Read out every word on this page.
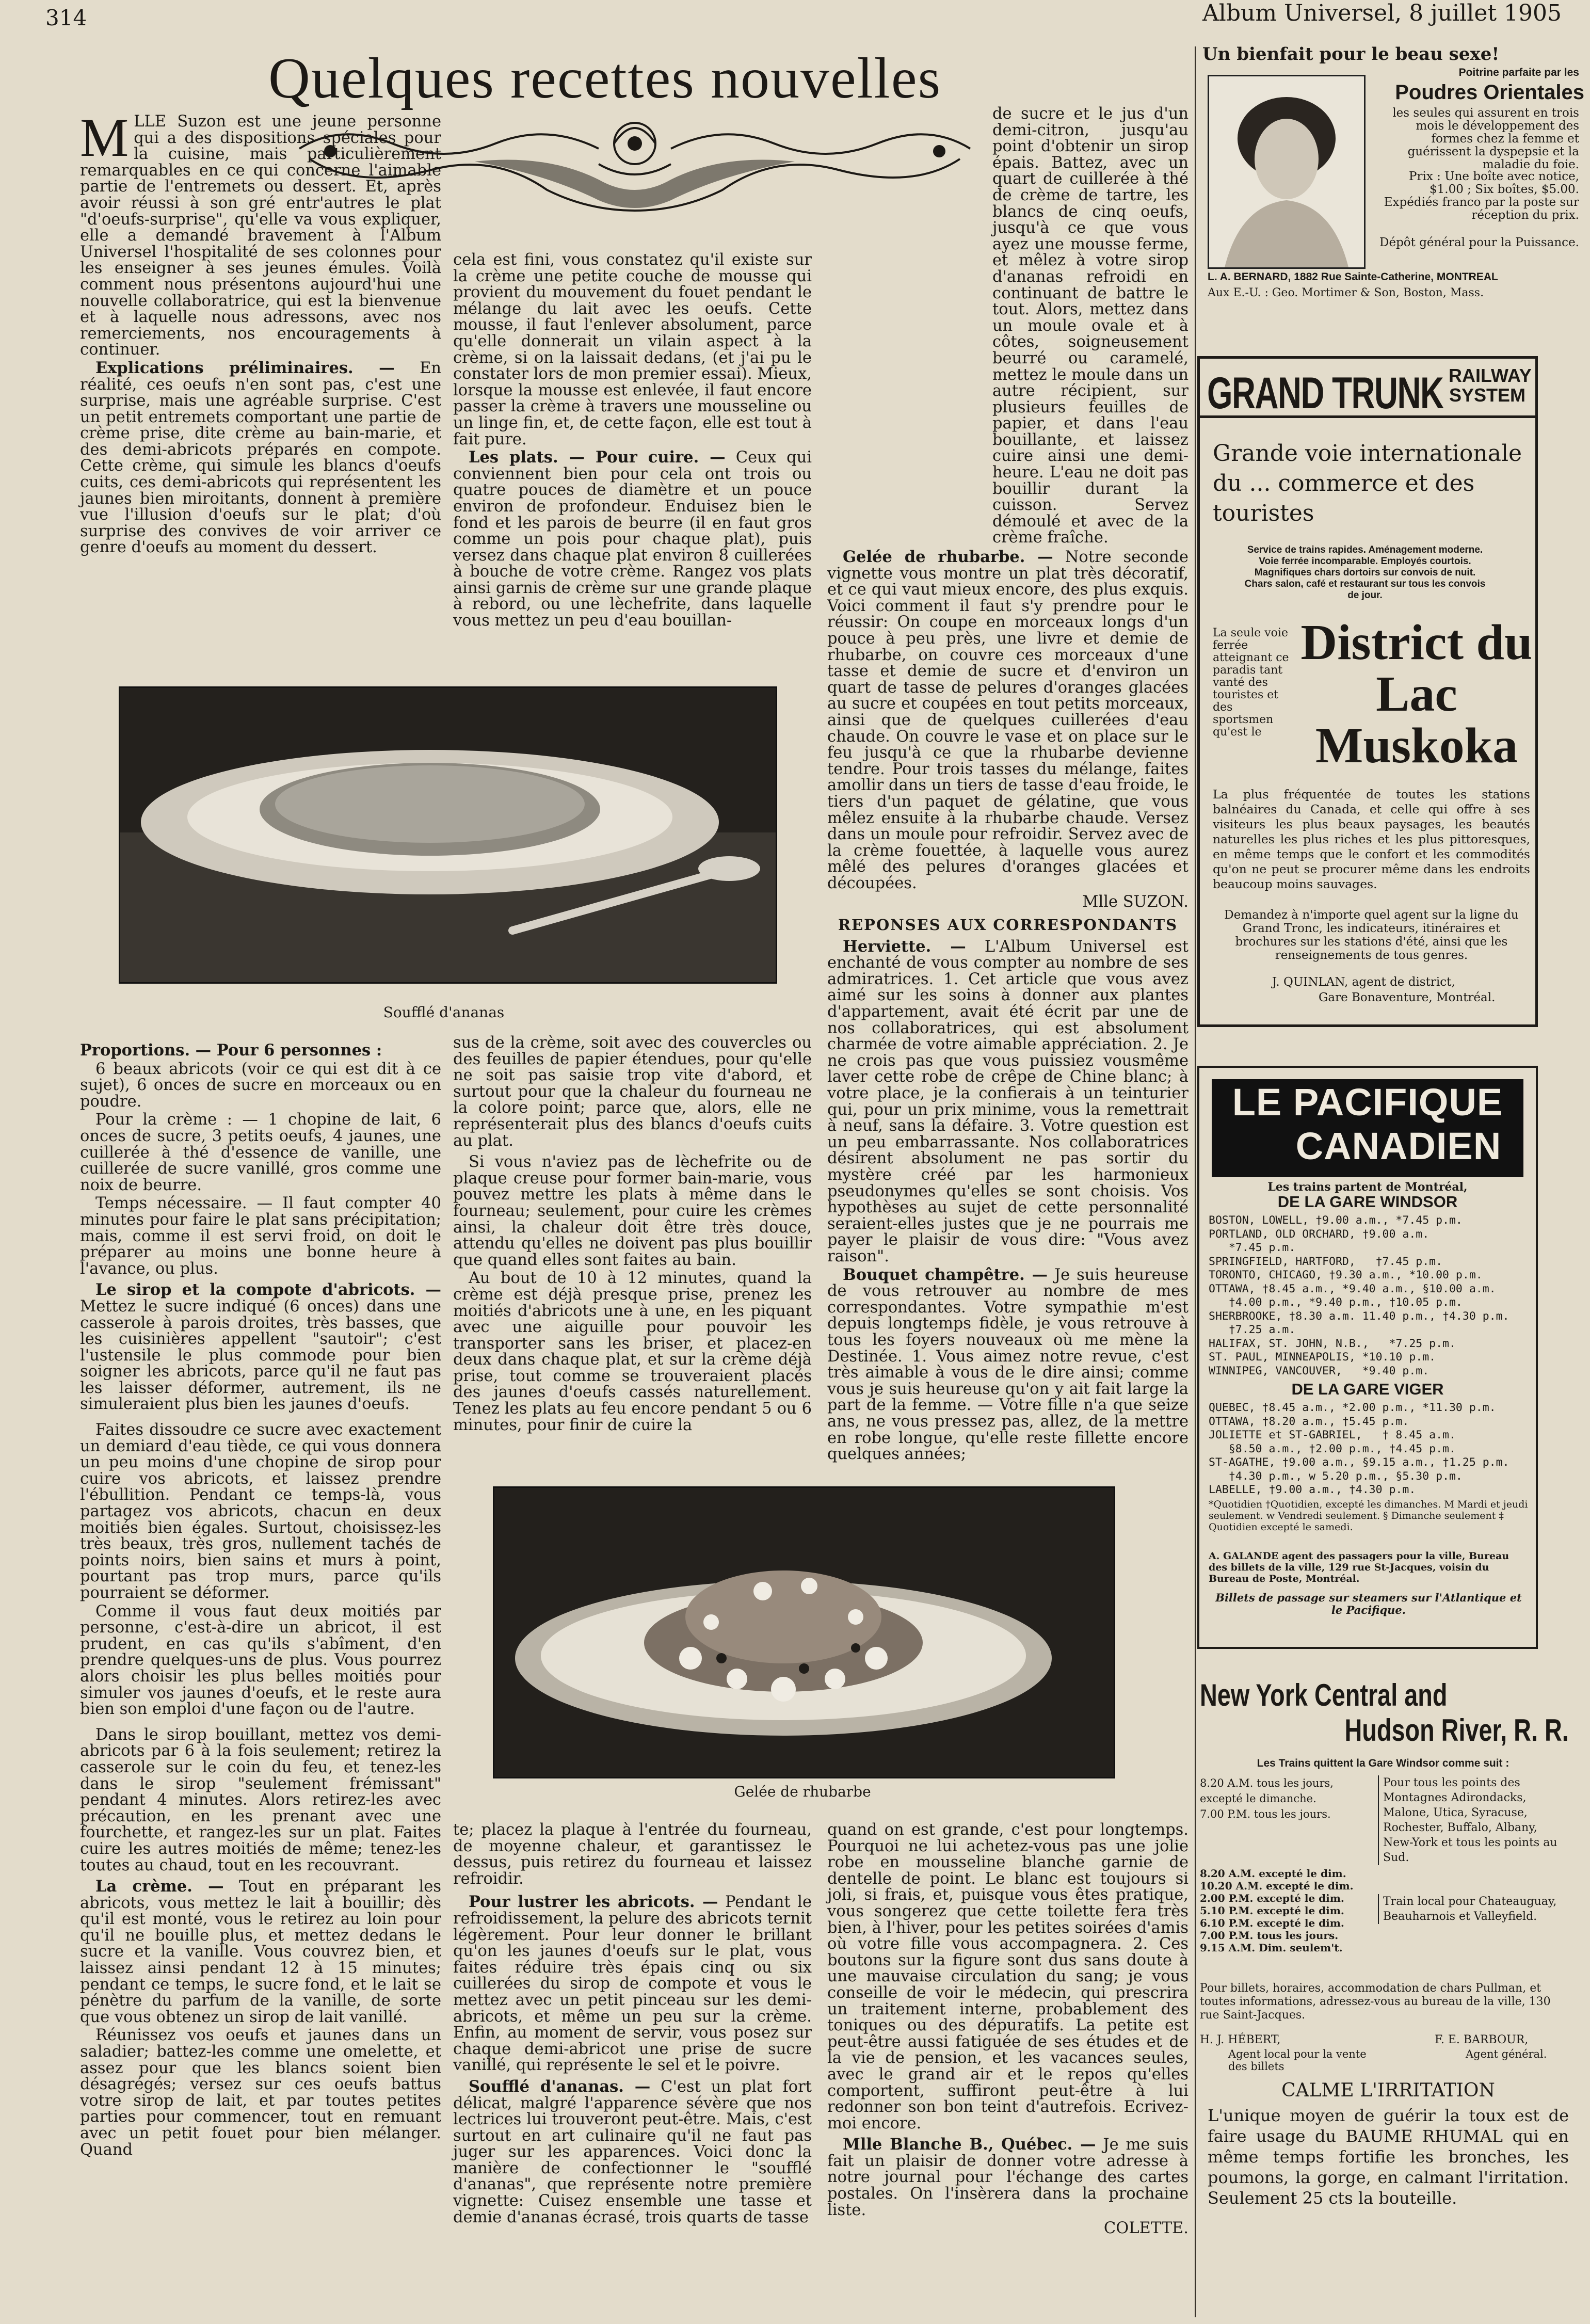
314	Album Universel, 8 juillet 1905
Quelques recettes nouvelles

MLLE Suzon est une jeune personne qui a des dispositions spéciales pour la cuisine, mais particulièrement remarquables en ce qui concerne l'aimable partie de l'entremets ou dessert. Et, après avoir réussi à son gré entr'autres le plat "d'oeufs-surprise", qu'elle va vous expliquer, elle a demandé bravement à l'Album Universel l'hospitalité de ses colonnes pour les enseigner à ses jeunes émules. Voilà comment nous présentons aujourd'hui une nouvelle collaboratrice, qui est la bienvenue et à laquelle nous adressons, avec nos remerciements, nos encouragements à continuer.

Explications préliminaires. — En réalité, ces oeufs n'en sont pas, c'est une surprise, mais une agréable surprise. C'est un petit entremets comportant une partie de crème prise, dite crème au bain-marie, et des demi-abricots préparés en compote. Cette crème, qui simule les blancs d'oeufs cuits, ces demi-abricots qui représentent les jaunes bien miroitants, donnent à première vue l'illusion d'oeufs sur le plat; d'où surprise des convives de voir arriver ce genre d'oeufs au moment du dessert.

cela est fini, vous constatez qu'il existe sur la crème une petite couche de mousse qui provient du mouvement du fouet pendant le mélange du lait avec les oeufs. Cette mousse, il faut l'enlever absolument, parce qu'elle donnerait un vilain aspect à la crème, si on la laissait dedans, (et j'ai pu le constater lors de mon premier essai). Mieux, lorsque la mousse est enlevée, il faut encore passer la crème à travers une mousseline ou un linge fin, et, de cette façon, elle est tout à fait pure.

Les plats. — Pour cuire. — Ceux qui conviennent bien pour cela ont trois ou quatre pouces de diamètre et un pouce environ de profondeur. Enduisez bien le fond et les parois de beurre (il en faut gros comme un pois pour chaque plat), puis versez dans chaque plat environ 8 cuillerées à bouche de votre crème. Rangez vos plats ainsi garnis de crème sur une grande plaque à rebord, ou une lèchefrite, dans laquelle vous mettez un peu d'eau bouillan-

de sucre et le jus d'un demi-citron, jusqu'au point d'obtenir un sirop épais. Battez, avec un quart de cuillerée à thé de crème de tartre, les blancs de cinq oeufs, jusqu'à ce que vous ayez une mousse ferme, et mêlez à votre sirop d'ananas refroidi en continuant de battre le tout. Alors, mettez dans un moule ovale et à côtes, soigneusement beurré ou caramelé, mettez le moule dans un autre récipient, sur plusieurs feuilles de papier, et dans l'eau bouillante, et laissez cuire ainsi une demi-heure. L'eau ne doit pas bouillir durant la cuisson. Servez démoulé et avec de la crème fraîche.

Gelée de rhubarbe. — Notre seconde vignette vous montre un plat très décoratif, et ce qui vaut mieux encore, des plus exquis. Voici comment il faut s'y prendre pour le réussir: On coupe en morceaux longs d'un pouce à peu près, une livre et demie de rhubarbe, on couvre ces morceaux d'une tasse et demie de sucre et d'environ un quart de tasse de pelures d'oranges glacées au sucre et coupées en tout petits morceaux, ainsi que de quelques cuillerées d'eau chaude. On couvre le vase et on place sur le feu jusqu'à ce que la rhubarbe devienne tendre. Pour trois tasses du mélange, faites amollir dans un tiers de tasse d'eau froide, le tiers d'un paquet de gélatine, que vous mêlez ensuite à la rhubarbe chaude. Versez dans un moule pour refroidir. Servez avec de la crème fouettée, à laquelle vous aurez mêlé des pelures d'oranges glacées et découpées.

Mlle SUZON.

REPONSES AUX CORRESPONDANTS

Herviette. — L'Album Universel est enchanté de vous compter au nombre de ses admiratrices. 1. Cet article que vous avez aimé sur les soins à donner aux plantes d'appartement, avait été écrit par une de nos collaboratrices, qui est absolument charmée de votre aimable appréciation. 2. Je ne crois pas que vous puissiez vousmême laver cette robe de crêpe de Chine blanc; à votre place, je la confierais à un teinturier qui, pour un prix minime, vous la remettrait à neuf, sans la défaire. 3. Votre question est un peu embarrassante. Nos collaboratrices désirent absolument ne pas sortir du mystère créé par les harmonieux pseudonymes qu'elles se sont choisis. Vos hypothèses au sujet de cette personnalité seraient-elles justes que je ne pourrais me payer le plaisir de vous dire: "Vous avez raison".

Bouquet champêtre. — Je suis heureuse de vous retrouver au nombre de mes correspondantes. Votre sympathie m'est depuis longtemps fidèle, je vous retrouve à tous les foyers nouveaux où me mène la Destinée. 1. Vous aimez notre revue, c'est très aimable à vous de le dire ainsi; comme vous je suis heureuse qu'on y ait fait large la part de la femme. — Votre fille n'a que seize ans, ne vous pressez pas, allez, de la mettre en robe longue, qu'elle reste fillette encore quelques années;

Soufflé d'ananas

Proportions. — Pour 6 personnes :

6 beaux abricots (voir ce qui est dit à ce sujet), 6 onces de sucre en morceaux ou en poudre.

Pour la crème : — 1 chopine de lait, 6 onces de sucre, 3 petits oeufs, 4 jaunes, une cuillerée à thé d'essence de vanille, une cuillerée de sucre vanillé, gros comme une noix de beurre.

Temps nécessaire. — Il faut compter 40 minutes pour faire le plat sans précipitation; mais, comme il est servi froid, on doit le préparer au moins une bonne heure à l'avance, ou plus.

Le sirop et la compote d'abricots. — Mettez le sucre indiqué (6 onces) dans une casserole à parois droites, très basses, que les cuisinières appellent "sautoir"; c'est l'ustensile le plus commode pour bien soigner les abricots, parce qu'il ne faut pas les laisser déformer, autrement, ils ne simuleraient plus bien les jaunes d'oeufs.

Faites dissoudre ce sucre avec exactement un demiard d'eau tiède, ce qui vous donnera un peu moins d'une chopine de sirop pour cuire vos abricots, et laissez prendre l'ébullition. Pendant ce temps-là, vous partagez vos abricots, chacun en deux moitiés bien égales. Surtout, choisissez-les très beaux, très gros, nullement tachés de points noirs, bien sains et murs à point, pourtant pas trop murs, parce qu'ils pourraient se déformer.

Comme il vous faut deux moitiés par personne, c'est-à-dire un abricot, il est prudent, en cas qu'ils s'abîment, d'en prendre quelques-uns de plus. Vous pourrez alors choisir les plus belles moitiés pour simuler vos jaunes d'oeufs, et le reste aura bien son emploi d'une façon ou de l'autre.

Dans le sirop bouillant, mettez vos demi-abricots par 6 à la fois seulement; retirez la casserole sur le coin du feu, et tenez-les dans le sirop "seulement frémissant" pendant 4 minutes. Alors retirez-les avec précaution, en les prenant avec une fourchette, et rangez-les sur un plat. Faites cuire les autres moitiés de même; tenez-les toutes au chaud, tout en les recouvrant.

La crème. — Tout en préparant les abricots, vous mettez le lait à bouillir; dès qu'il est monté, vous le retirez au loin pour qu'il ne bouille plus, et mettez dedans le sucre et la vanille. Vous couvrez bien, et laissez ainsi pendant 12 à 15 minutes; pendant ce temps, le sucre fond, et le lait se pénètre du parfum de la vanille, de sorte que vous obtenez un sirop de lait vanillé.

Réunissez vos oeufs et jaunes dans un saladier; battez-les comme une omelette, et assez pour que les blancs soient bien désagrégés; versez sur ces oeufs battus votre sirop de lait, et par toutes petites parties pour commencer, tout en remuant avec un petit fouet pour bien mélanger. Quand

sus de la crème, soit avec des couvercles ou des feuilles de papier étendues, pour qu'elle ne soit pas saisie trop vite d'abord, et surtout pour que la chaleur du fourneau ne la colore point; parce que, alors, elle ne représenterait plus des blancs d'oeufs cuits au plat.

Si vous n'aviez pas de lèchefrite ou de plaque creuse pour former bain-marie, vous pouvez mettre les plats à même dans le fourneau; seulement, pour cuire les crèmes ainsi, la chaleur doit être très douce, attendu qu'elles ne doivent pas plus bouillir que quand elles sont faites au bain.

Au bout de 10 à 12 minutes, quand la crème est déjà presque prise, prenez les moitiés d'abricots une à une, en les piquant avec une aiguille pour pouvoir les transporter sans les briser, et placez-en deux dans chaque plat, et sur la crème déjà prise, tout comme se trouveraient placés des jaunes d'oeufs cassés naturellement. Tenez les plats au feu encore pendant 5 ou 6 minutes, pour finir de cuire la

Gelée de rhubarbe

te; placez la plaque à l'entrée du fourneau, de moyenne chaleur, et garantissez le dessus, puis retirez du fourneau et laissez refroidir.

Pour lustrer les abricots. — Pendant le refroidissement, la pelure des abricots ternit légèrement. Pour leur donner le brillant qu'on les jaunes d'oeufs sur le plat, vous faites réduire très épais cinq ou six cuillerées du sirop de compote et vous le mettez avec un petit pinceau sur les demi-abricots, et même un peu sur la crème. Enfin, au moment de servir, vous posez sur chaque demi-abricot une prise de sucre vanillé, qui représente le sel et le poivre.

Soufflé d'ananas. — C'est un plat fort délicat, malgré l'apparence sévère que nos lectrices lui trouveront peut-être. Mais, c'est surtout en art culinaire qu'il ne faut pas juger sur les apparences. Voici donc la manière de confectionner le "soufflé d'ananas", que représente notre première vignette: Cuisez ensemble une tasse et demie d'ananas écrasé, trois quarts de tasse

quand on est grande, c'est pour longtemps. Pourquoi ne lui achetez-vous pas une jolie robe en mousseline blanche garnie de dentelle de point. Le blanc est toujours si joli, si frais, et, puisque vous êtes pratique, vous songerez que cette toilette fera très bien, à l'hiver, pour les petites soirées d'amis où votre fille vous accompagnera. 2. Ces boutons sur la figure sont dus sans doute à une mauvaise circulation du sang; je vous conseille de voir le médecin, qui prescrira un traitement interne, probablement des toniques ou des dépuratifs. La petite est peut-être aussi fatiguée de ses études et de la vie de pension, et les vacances seules, avec le grand air et le repos qu'elles comportent, suffiront peut-être à lui redonner son bon teint d'autrefois. Ecrivez-moi encore.

Mlle Blanche B., Québec. — Je me suis fait un plaisir de donner votre adresse à notre journal pour l'échange des cartes postales. On l'insèrera dans la prochaine liste.

COLETTE.

Un bienfait pour le beau sexe!
Poitrine parfaite par les
Poudres Orientales
les seules qui assurent en trois mois le développement des formes chez la femme et guérissent la dyspepsie et la maladie du foie.
Prix : Une boîte avec notice, $1.00 ; Six boîtes, $5.00. Expédiés franco par la poste sur réception du prix.
Dépôt général pour la Puissance.
L. A. BERNARD, 1882 Rue Sainte-Catherine, MONTREAL
Aux E.-U. : Geo. Mortimer & Son, Boston, Mass.
GRAND TRUNK RAILWAY SYSTEM
Grande voie internationale du ... commerce et des touristes
Service de trains rapides. Aménagement moderne. Voie ferrée incomparable. Employés courtois. Magnifiques chars dortoirs sur convois de nuit. Chars salon, café et restaurant sur tous les convois de jour.
La seule voie ferrée atteignant ce paradis tant vanté des touristes et des sportsmen qu'est le
District du Lac Muskoka
La plus fréquentée de toutes les stations balnéaires du Canada, et celle qui offre à ses visiteurs les plus beaux paysages, les beautés naturelles les plus riches et les plus pittoresques, en même temps que le confort et les commodités qu'on ne peut se procurer même dans les endroits beaucoup moins sauvages.
Demandez à n'importe quel agent sur la ligne du Grand Tronc, les indicateurs, itinéraires et brochures sur les stations d'été, ainsi que les renseignements de tous genres.
J. QUINLAN, agent de district,
Gare Bonaventure, Montréal.
LE PACIFIQUE
CANADIEN
Les trains partent de Montréal,
DE LA GARE WINDSOR
BOSTON, LOWELL, †9.00 a.m., *7.45 p.m.
PORTLAND, OLD ORCHARD, †9.00 a.m.
*7.45 p.m.
SPRINGFIELD, HARTFORD,   †7.45 p.m.
TORONTO, CHICAGO, †9.30 a.m., *10.00 p.m.
OTTAWA, †8.45 a.m., *9.40 a.m., §10.00 a.m.
†4.00 p.m., *9.40 p.m., †10.05 p.m.
SHERBROOKE, †8.30 a.m. 11.40 p.m., †4.30 p.m.
†7.25 a.m.
HALIFAX, ST. JOHN, N.B.,   *7.25 p.m.
ST. PAUL, MINNEAPOLIS, *10.10 p.m.
WINNIPEG, VANCOUVER,   *9.40 p.m.
DE LA GARE VIGER
QUEBEC, †8.45 a.m., *2.00 p.m., *11.30 p.m.
OTTAWA, †8.20 a.m., †5.45 p.m.
JOLIETTE et ST-GABRIEL,   † 8.45 a.m.
§8.50 a.m., †2.00 p.m., †4.45 p.m.
ST-AGATHE, †9.00 a.m., §9.15 a.m., †1.25 p.m.
†4.30 p.m., w 5.20 p.m., §5.30 p.m.
LABELLE, †9.00 a.m., †4.30 p.m.
*Quotidien †Quotidien, excepté les dimanches. M Mardi et jeudi seulement. w Vendredi seulement. § Dimanche seulement ‡ Quotidien excepté le samedi.
A. GALANDE agent des passagers pour la ville, Bureau des billets de la ville, 129 rue St-Jacques, voisin du Bureau de Poste, Montréal.
Billets de passage sur steamers sur l'Atlantique et le Pacifique.
New York Central and
Hudson River, R. R.
Les Trains quittent la Gare Windsor comme suit :
8.20 A.M. tous les jours, excepté le dimanche.
7.00 P.M. tous les jours.
Pour tous les points des Montagnes Adirondacks, Malone, Utica, Syracuse, Rochester, Buffalo, Albany, New-York et tous les points au Sud.
8.20 A.M. excepté le dim.
10.20 A.M. excepté le dim.
2.00 P.M. excepté le dim.
5.10 P.M. excepté le dim.
6.10 P.M. excepté le dim.
7.00 P.M. tous les jours.
9.15 A.M. Dim. seulem't.
Train local pour Chateauguay, Beauharnois et Valleyfield.
Pour billets, horaires, accommodation de chars Pullman, et toutes informations, adressez-vous au bureau de la ville, 130 rue Saint-Jacques.
H. J. HÉBERT,
Agent local pour la vente des billets
F. E. BARBOUR,
Agent général.
CALME L'IRRITATION
L'unique moyen de guérir la toux est de faire usage du BAUME RHUMAL qui en même temps fortifie les bronches, les poumons, la gorge, en calmant l'irritation. Seulement 25 cts la bouteille.
